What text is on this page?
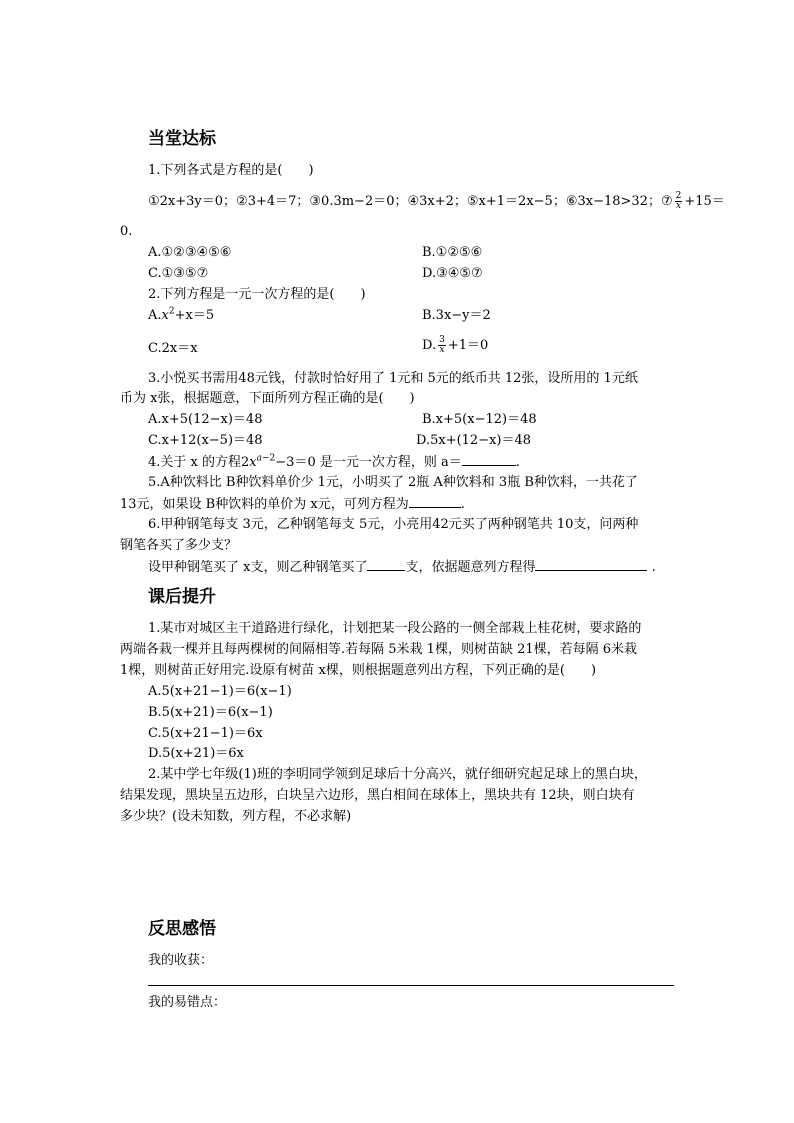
当堂达标
1.下列各式是方程的是(　　)
①2x+3y＝0；②3+4＝7；③0.3m−2＝0；④3x+2；⑤x+1＝2x−5；⑥3x−18>32；⑦ $\frac{2}{x} +15=$
0.
A.①②③④⑤⑥	B.①②⑤⑥
C.①③⑤⑦	D.③④⑤⑦
2.下列方程是一元一次方程的是(　　)
$A.x^2+x=5$	B.3x−y＝2
C.2x＝x	D. $\frac{3}{x} +1=0$
3.小悦买书需用48元钱，付款时恰好用了 1元和 5元的纸币共 12张，设所用的 1元纸
币为 x张，根据题意，下面所列方程正确的是(　　)
A.x+5(12−x)＝48	B.x+5(x−12)＝48
C.x+12(x−5)＝48	D.5x+(12−x)＝48
4.关于 x 的方程$2x^{a-2}-3=0$ 是一元一次方程，则 a＝	.
5.A种饮料比 B种饮料单价少 1元，小明买了 2瓶 A种饮料和 3瓶 B种饮料，一共花了
13元，如果设 B种饮料的单价为 x元，可列方程为	.
6.甲种钢笔每支 3元，乙种钢笔每支 5元，小亮用42元买了两种钢笔共 10支，问两种
钢笔各买了多少支？
设甲种钢笔买了 x支，则乙种钢笔买了	支，依据题意列方程得	.
课后提升
1.某市对城区主干道路进行绿化，计划把某一段公路的一侧全部栽上桂花树，要求路的
两端各栽一棵并且每两棵树的间隔相等.若每隔 5米栽 1棵，则树苗缺 21棵，若每隔 6米栽
1棵，则树苗正好用完.设原有树苗 x棵，则根据题意列出方程，下列正确的是(　　)
A.5(x+21−1)＝6(x−1)
B.5(x+21)＝6(x−1)
C.5(x+21−1)＝6x
D.5(x+21)＝6x
2.某中学七年级(1)班的李明同学领到足球后十分高兴，就仔细研究起足球上的黑白块，
结果发现，黑块呈五边形，白块呈六边形，黑白相间在球体上，黑块共有 12块，则白块有
多少块？(设未知数，列方程，不必求解)
反思感悟
我的收获：
我的易错点：
